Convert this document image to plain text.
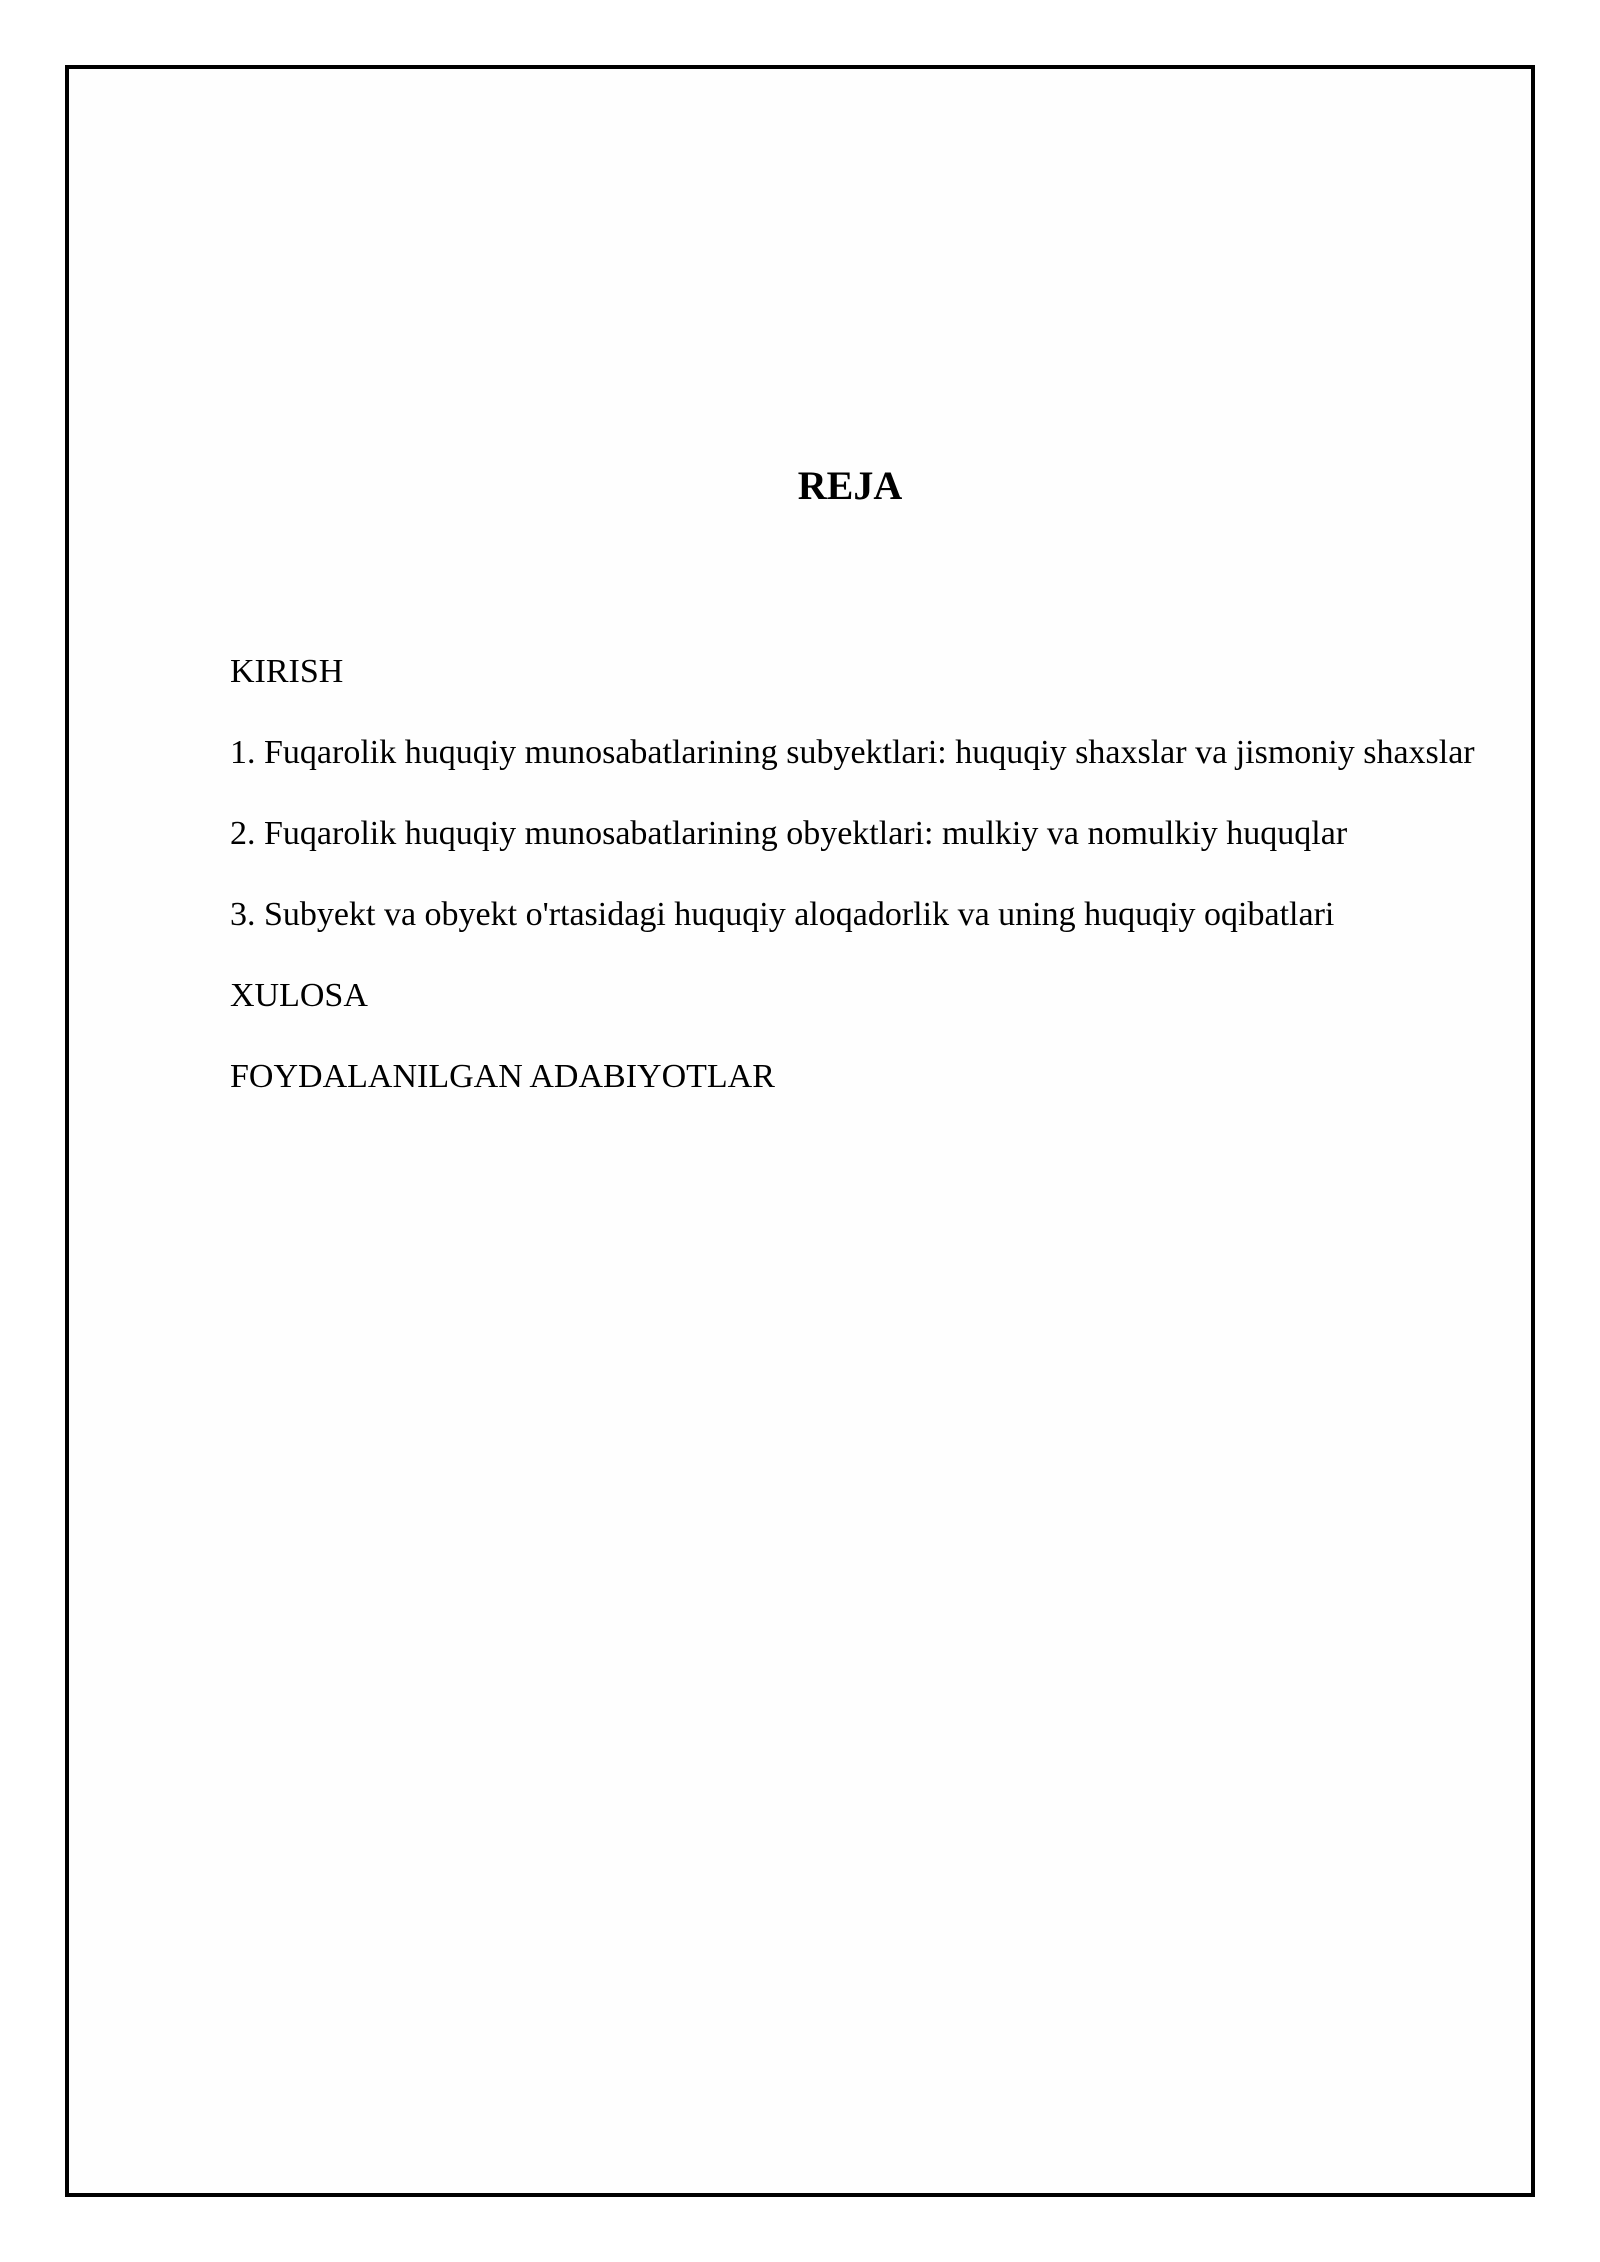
REJA
KIRISH
1. Fuqarolik huquqiy munosabatlarining subyektlari: huquqiy shaxslar va jismoniy shaxslar
2. Fuqarolik huquqiy munosabatlarining obyektlari: mulkiy va nomulkiy huquqlar
3. Subyekt va obyekt o'rtasidagi huquqiy aloqadorlik va uning huquqiy oqibatlari
XULOSA
FOYDALANILGAN ADABIYOTLAR
